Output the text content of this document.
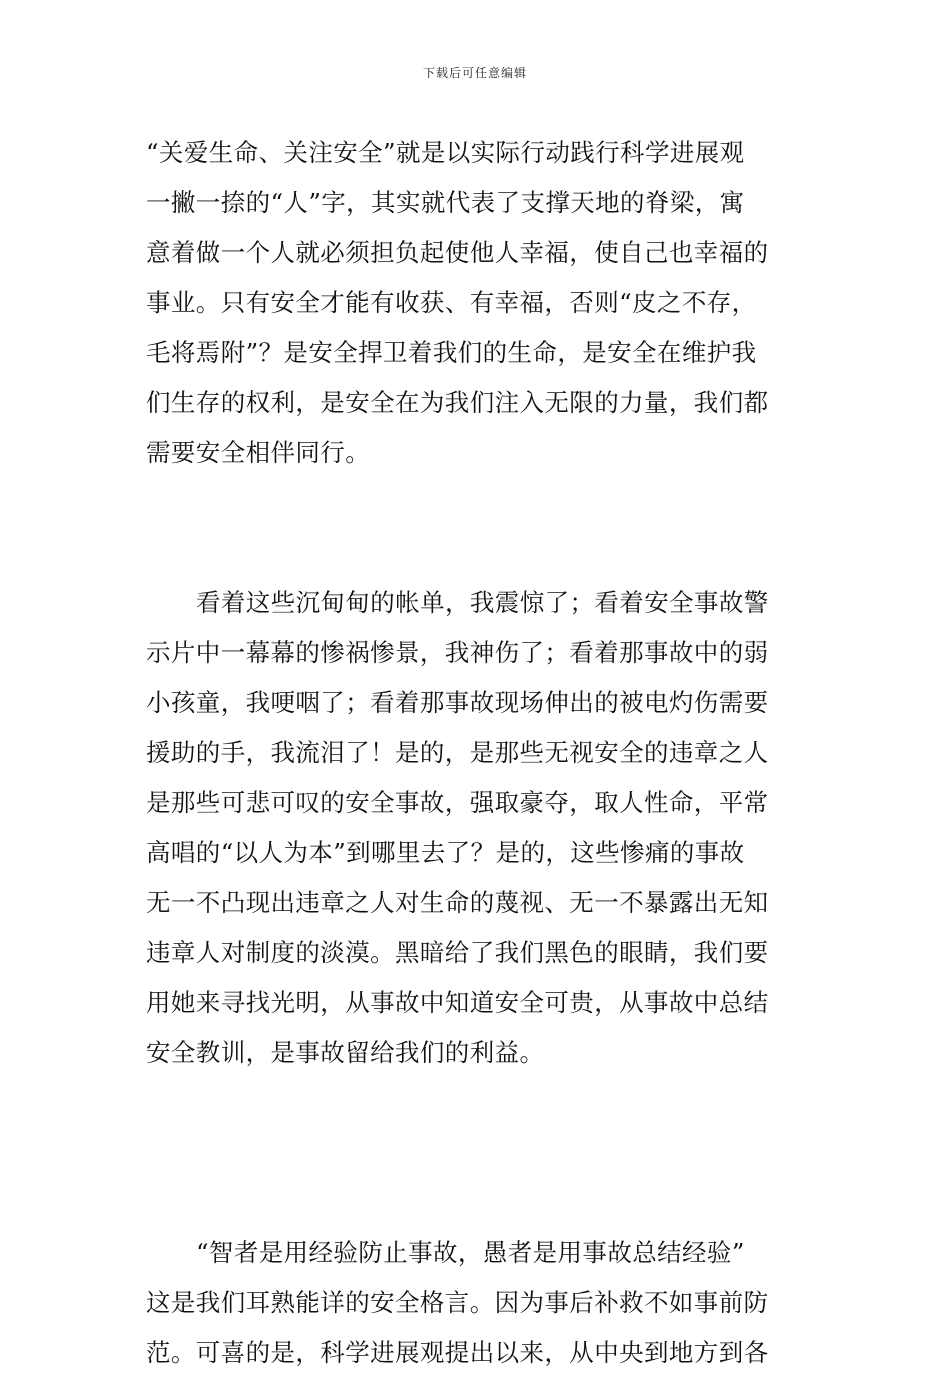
下载后可任意编辑
“关爱生命、关注安全”就是以实际行动践行科学进展观
一撇一捺的“人”字，其实就代表了支撑天地的脊梁，寓
意着做一个人就必须担负起使他人幸福，使自己也幸福的
事业。只有安全才能有收获、有幸福，否则“皮之不存，
毛将焉附”？是安全捍卫着我们的生命，是安全在维护我
们生存的权利，是安全在为我们注入无限的力量，我们都
需要安全相伴同行。
看着这些沉甸甸的帐单，我震惊了；看着安全事故警
示片中一幕幕的惨祸惨景，我神伤了；看着那事故中的弱
小孩童，我哽咽了；看着那事故现场伸出的被电灼伤需要
援助的手，我流泪了！是的，是那些无视安全的违章之人
是那些可悲可叹的安全事故，强取豪夺，取人性命，平常
高唱的“以人为本”到哪里去了？是的，这些惨痛的事故
无一不凸现出违章之人对生命的蔑视、无一不暴露出无知
违章人对制度的淡漠。黑暗给了我们黑色的眼睛，我们要
用她来寻找光明，从事故中知道安全可贵，从事故中总结
安全教训，是事故留给我们的利益。
“智者是用经验防止事故，愚者是用事故总结经验”
这是我们耳熟能详的安全格言。因为事后补救不如事前防
范。可喜的是，科学进展观提出以来，从中央到地方到各
